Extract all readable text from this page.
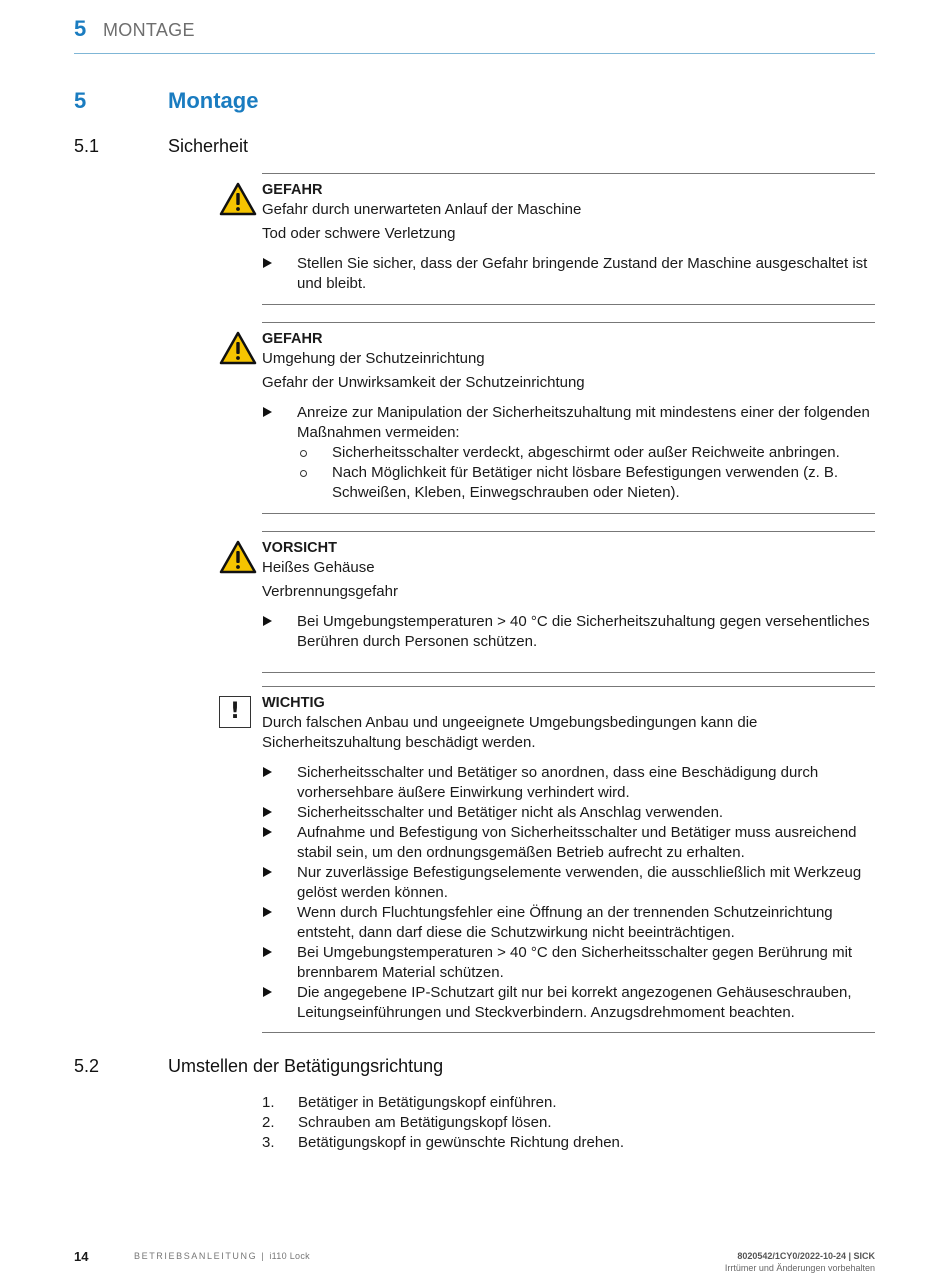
5 MONTAGE
5	Montage
5.1	Sicherheit
GEFAHR
Gefahr durch unerwarteten Anlauf der Maschine
Tod oder schwere Verletzung
Stellen Sie sicher, dass der Gefahr bringende Zustand der Maschine ausgeschaltet ist und bleibt.
GEFAHR
Umgehung der Schutzeinrichtung
Gefahr der Unwirksamkeit der Schutzeinrichtung
Anreize zur Manipulation der Sicherheitszuhaltung mit mindestens einer der folgenden Maßnahmen vermeiden:
Sicherheitsschalter verdeckt, abgeschirmt oder außer Reichweite anbringen.
Nach Möglichkeit für Betätiger nicht lösbare Befestigungen verwenden (z. B. Schweißen, Kleben, Einwegschrauben oder Nieten).
VORSICHT
Heißes Gehäuse
Verbrennungsgefahr
Bei Umgebungstemperaturen > 40 °C die Sicherheitszuhaltung gegen versehentliches Berühren durch Personen schützen.
!	WICHTIG
Durch falschen Anbau und ungeeignete Umgebungsbedingungen kann die Sicherheitszuhaltung beschädigt werden.
Sicherheitsschalter und Betätiger so anordnen, dass eine Beschädigung durch vorhersehbare äußere Einwirkung verhindert wird.
Sicherheitsschalter und Betätiger nicht als Anschlag verwenden.
Aufnahme und Befestigung von Sicherheitsschalter und Betätiger muss ausreichend stabil sein, um den ordnungsgemäßen Betrieb aufrecht zu erhalten.
Nur zuverlässige Befestigungselemente verwenden, die ausschließlich mit Werkzeug gelöst werden können.
Wenn durch Fluchtungsfehler eine Öffnung an der trennenden Schutzeinrichtung entsteht, dann darf diese die Schutzwirkung nicht beeinträchtigen.
Bei Umgebungstemperaturen > 40 °C den Sicherheitsschalter gegen Berührung mit brennbarem Material schützen.
Die angegebene IP-Schutzart gilt nur bei korrekt angezogenen Gehäuseschrauben, Leitungseinführungen und Steckverbindern. Anzugsdrehmoment beachten.
5.2	Umstellen der Betätigungsrichtung
1. Betätiger in Betätigungskopf einführen.
2. Schrauben am Betätigungskopf lösen.
3. Betätigungskopf in gewünschte Richtung drehen.
14	BETRIEBSANLEITUNG | i110 Lock	8020542/1CY0/2022-10-24 | SICK
Irrtümer und Änderungen vorbehalten
